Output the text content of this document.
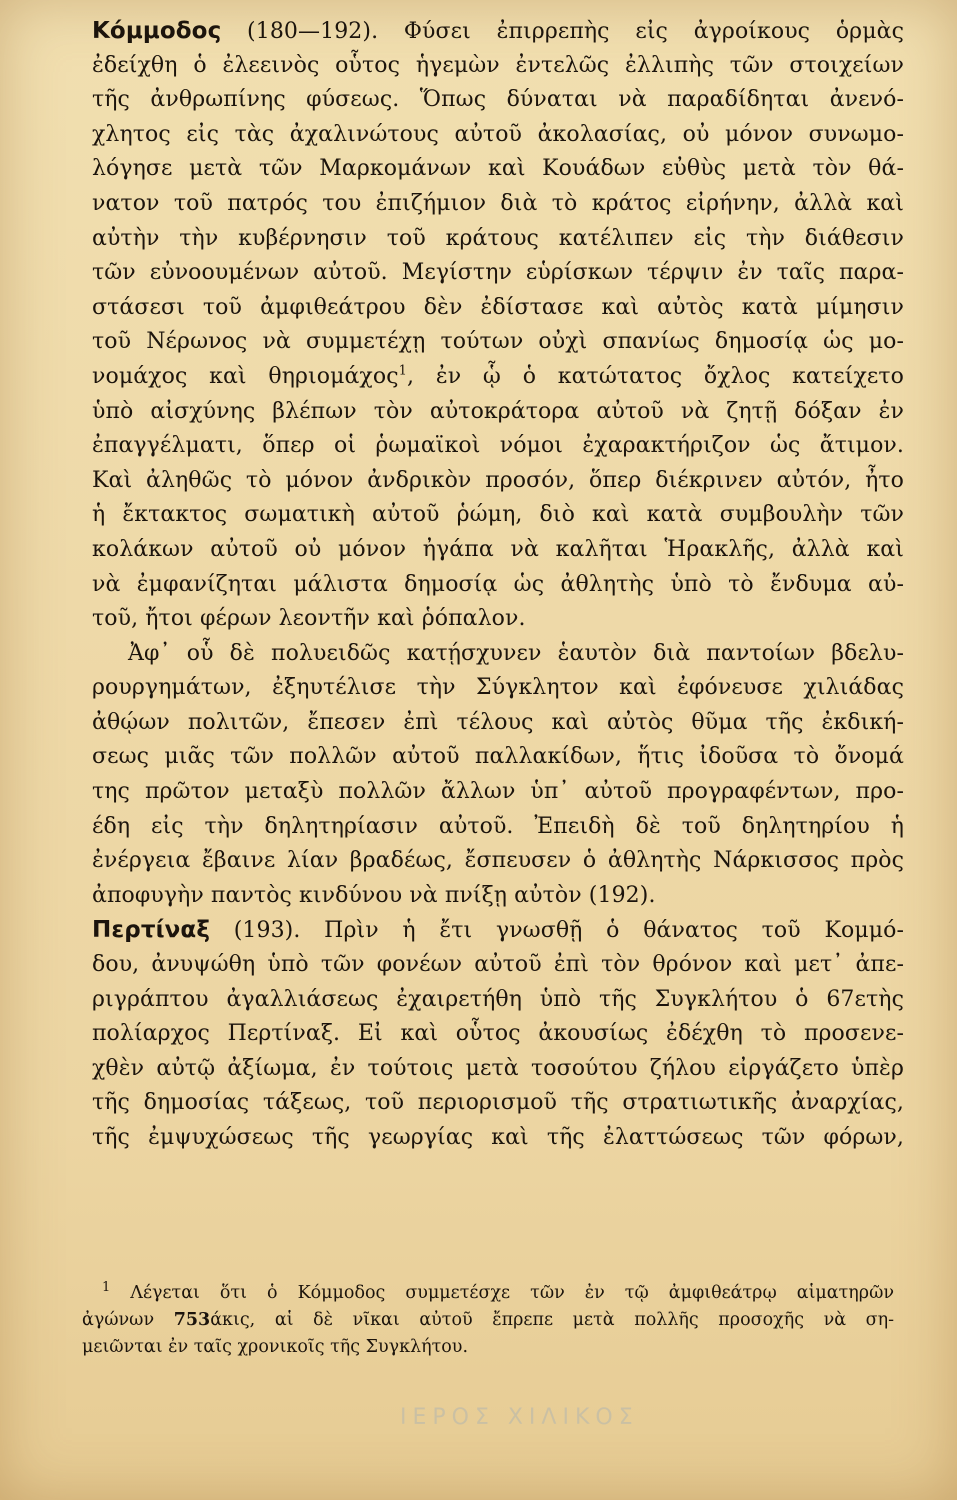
Κόμμοδος (180—192). Φύσει ἐπιρρεπὴς εἰς ἀγροίκους ὁρμὰς
ἐδείχθη ὁ ἐλεεινὸς οὗτος ἡγεμὼν ἐντελῶς ἐλλιπὴς τῶν στοιχείων
τῆς ἀνθρωπίνης φύσεως. Ὅπως δύναται νὰ παραδίδηται ἀνενό-
χλητος εἰς τὰς ἀχαλινώτους αὐτοῦ ἀκολασίας, οὐ μόνον συνωμο-
λόγησε μετὰ τῶν Μαρκομάνων καὶ Κουάδων εὐθὺς μετὰ τὸν θά-
νατον τοῦ πατρός του ἐπιζήμιον διὰ τὸ κράτος εἰρήνην, ἀλλὰ καὶ
αὐτὴν τὴν κυβέρνησιν τοῦ κράτους κατέλιπεν εἰς τὴν διάθεσιν
τῶν εὐνοουμένων αὐτοῦ. Μεγίστην εὑρίσκων τέρψιν ἐν ταῖς παρα-
στάσεσι τοῦ ἀμφιθεάτρου δὲν ἐδίστασε καὶ αὐτὸς κατὰ μίμησιν
τοῦ Νέρωνος νὰ συμμετέχῃ τούτων οὐχὶ σπανίως δημοσίᾳ ὡς μο-
νομάχος καὶ θηριομάχος$^1$, ἐν ᾧ ὁ κατώτατος ὄχλος κατείχετο
ὑπὸ αἰσχύνης βλέπων τὸν αὐτοκράτορα αὐτοῦ νὰ ζητῇ δόξαν ἐν
ἐπαγγέλματι, ὅπερ οἱ ῥωμαϊκοὶ νόμοι ἐχαρακτήριζον ὡς ἄτιμον.
Καὶ ἀληθῶς τὸ μόνον ἀνδρικὸν προσόν, ὅπερ διέκρινεν αὐτόν, ἦτο
ἡ ἔκτακτος σωματικὴ αὐτοῦ ῥώμη, διὸ καὶ κατὰ συμβουλὴν τῶν
κολάκων αὐτοῦ οὐ μόνον ἠγάπα νὰ καλῆται Ἡρακλῆς, ἀλλὰ καὶ
νὰ ἐμφανίζηται μάλιστα δημοσίᾳ ὡς ἀθλητὴς ὑπὸ τὸ ἔνδυμα αὐ-
τοῦ, ἤτοι φέρων λεοντῆν καὶ ῥόπαλον.
Ἀφ᾽ οὗ δὲ πολυειδῶς κατῄσχυνεν ἑαυτὸν διὰ παντοίων βδελυ-
ρουργημάτων, ἐξηυτέλισε τὴν Σύγκλητον καὶ ἐφόνευσε χιλιάδας
ἀθῴων πολιτῶν, ἔπεσεν ἐπὶ τέλους καὶ αὐτὸς θῦμα τῆς ἐκδική-
σεως μιᾶς τῶν πολλῶν αὐτοῦ παλλακίδων, ἥτις ἰδοῦσα τὸ ὄνομά
της πρῶτον μεταξὺ πολλῶν ἄλλων ὑπ᾽ αὐτοῦ προγραφέντων, προ-
έδη εἰς τὴν δηλητηρίασιν αὐτοῦ. Ἐπειδὴ δὲ τοῦ δηλητηρίου ἡ
ἐνέργεια ἔβαινε λίαν βραδέως, ἔσπευσεν ὁ ἀθλητὴς Νάρκισσος πρὸς
ἀποφυγὴν παντὸς κινδύνου νὰ πνίξῃ αὐτὸν (192).
Περτίναξ (193). Πρὶν ἡ ἔτι γνωσθῇ ὁ θάνατος τοῦ Κομμό-
δου, ἀνυψώθη ὑπὸ τῶν φονέων αὐτοῦ ἐπὶ τὸν θρόνον καὶ μετ᾽ ἀπε-
ριγράπτου ἀγαλλιάσεως ἐχαιρετήθη ὑπὸ τῆς Συγκλήτου ὁ 67ετὴς
πολίαρχος Περτίναξ. Εἰ καὶ οὗτος ἀκουσίως ἐδέχθη τὸ προσενε-
χθὲν αὐτῷ ἀξίωμα, ἐν τούτοις μετὰ τοσούτου ζήλου εἰργάζετο ὑπὲρ
τῆς δημοσίας τάξεως, τοῦ περιορισμοῦ τῆς στρατιωτικῆς ἀναρχίας,
τῆς ἐμψυχώσεως τῆς γεωργίας καὶ τῆς ἐλαττώσεως τῶν φόρων,
$^1$ Λέγεται ὅτι ὁ Κόμμοδος συμμετέσχε τῶν ἐν τῷ ἀμφιθεάτρῳ αἱματηρῶν
ἀγώνων 753άκις, αἱ δὲ νῖκαι αὐτοῦ ἔπρεπε μετὰ πολλῆς προσοχῆς νὰ ση-
μειῶνται ἐν ταῖς χρονικοῖς τῆς Συγκλήτου.
ΙΕΡΟΣ ΧΙΛΙΚΟΣ
